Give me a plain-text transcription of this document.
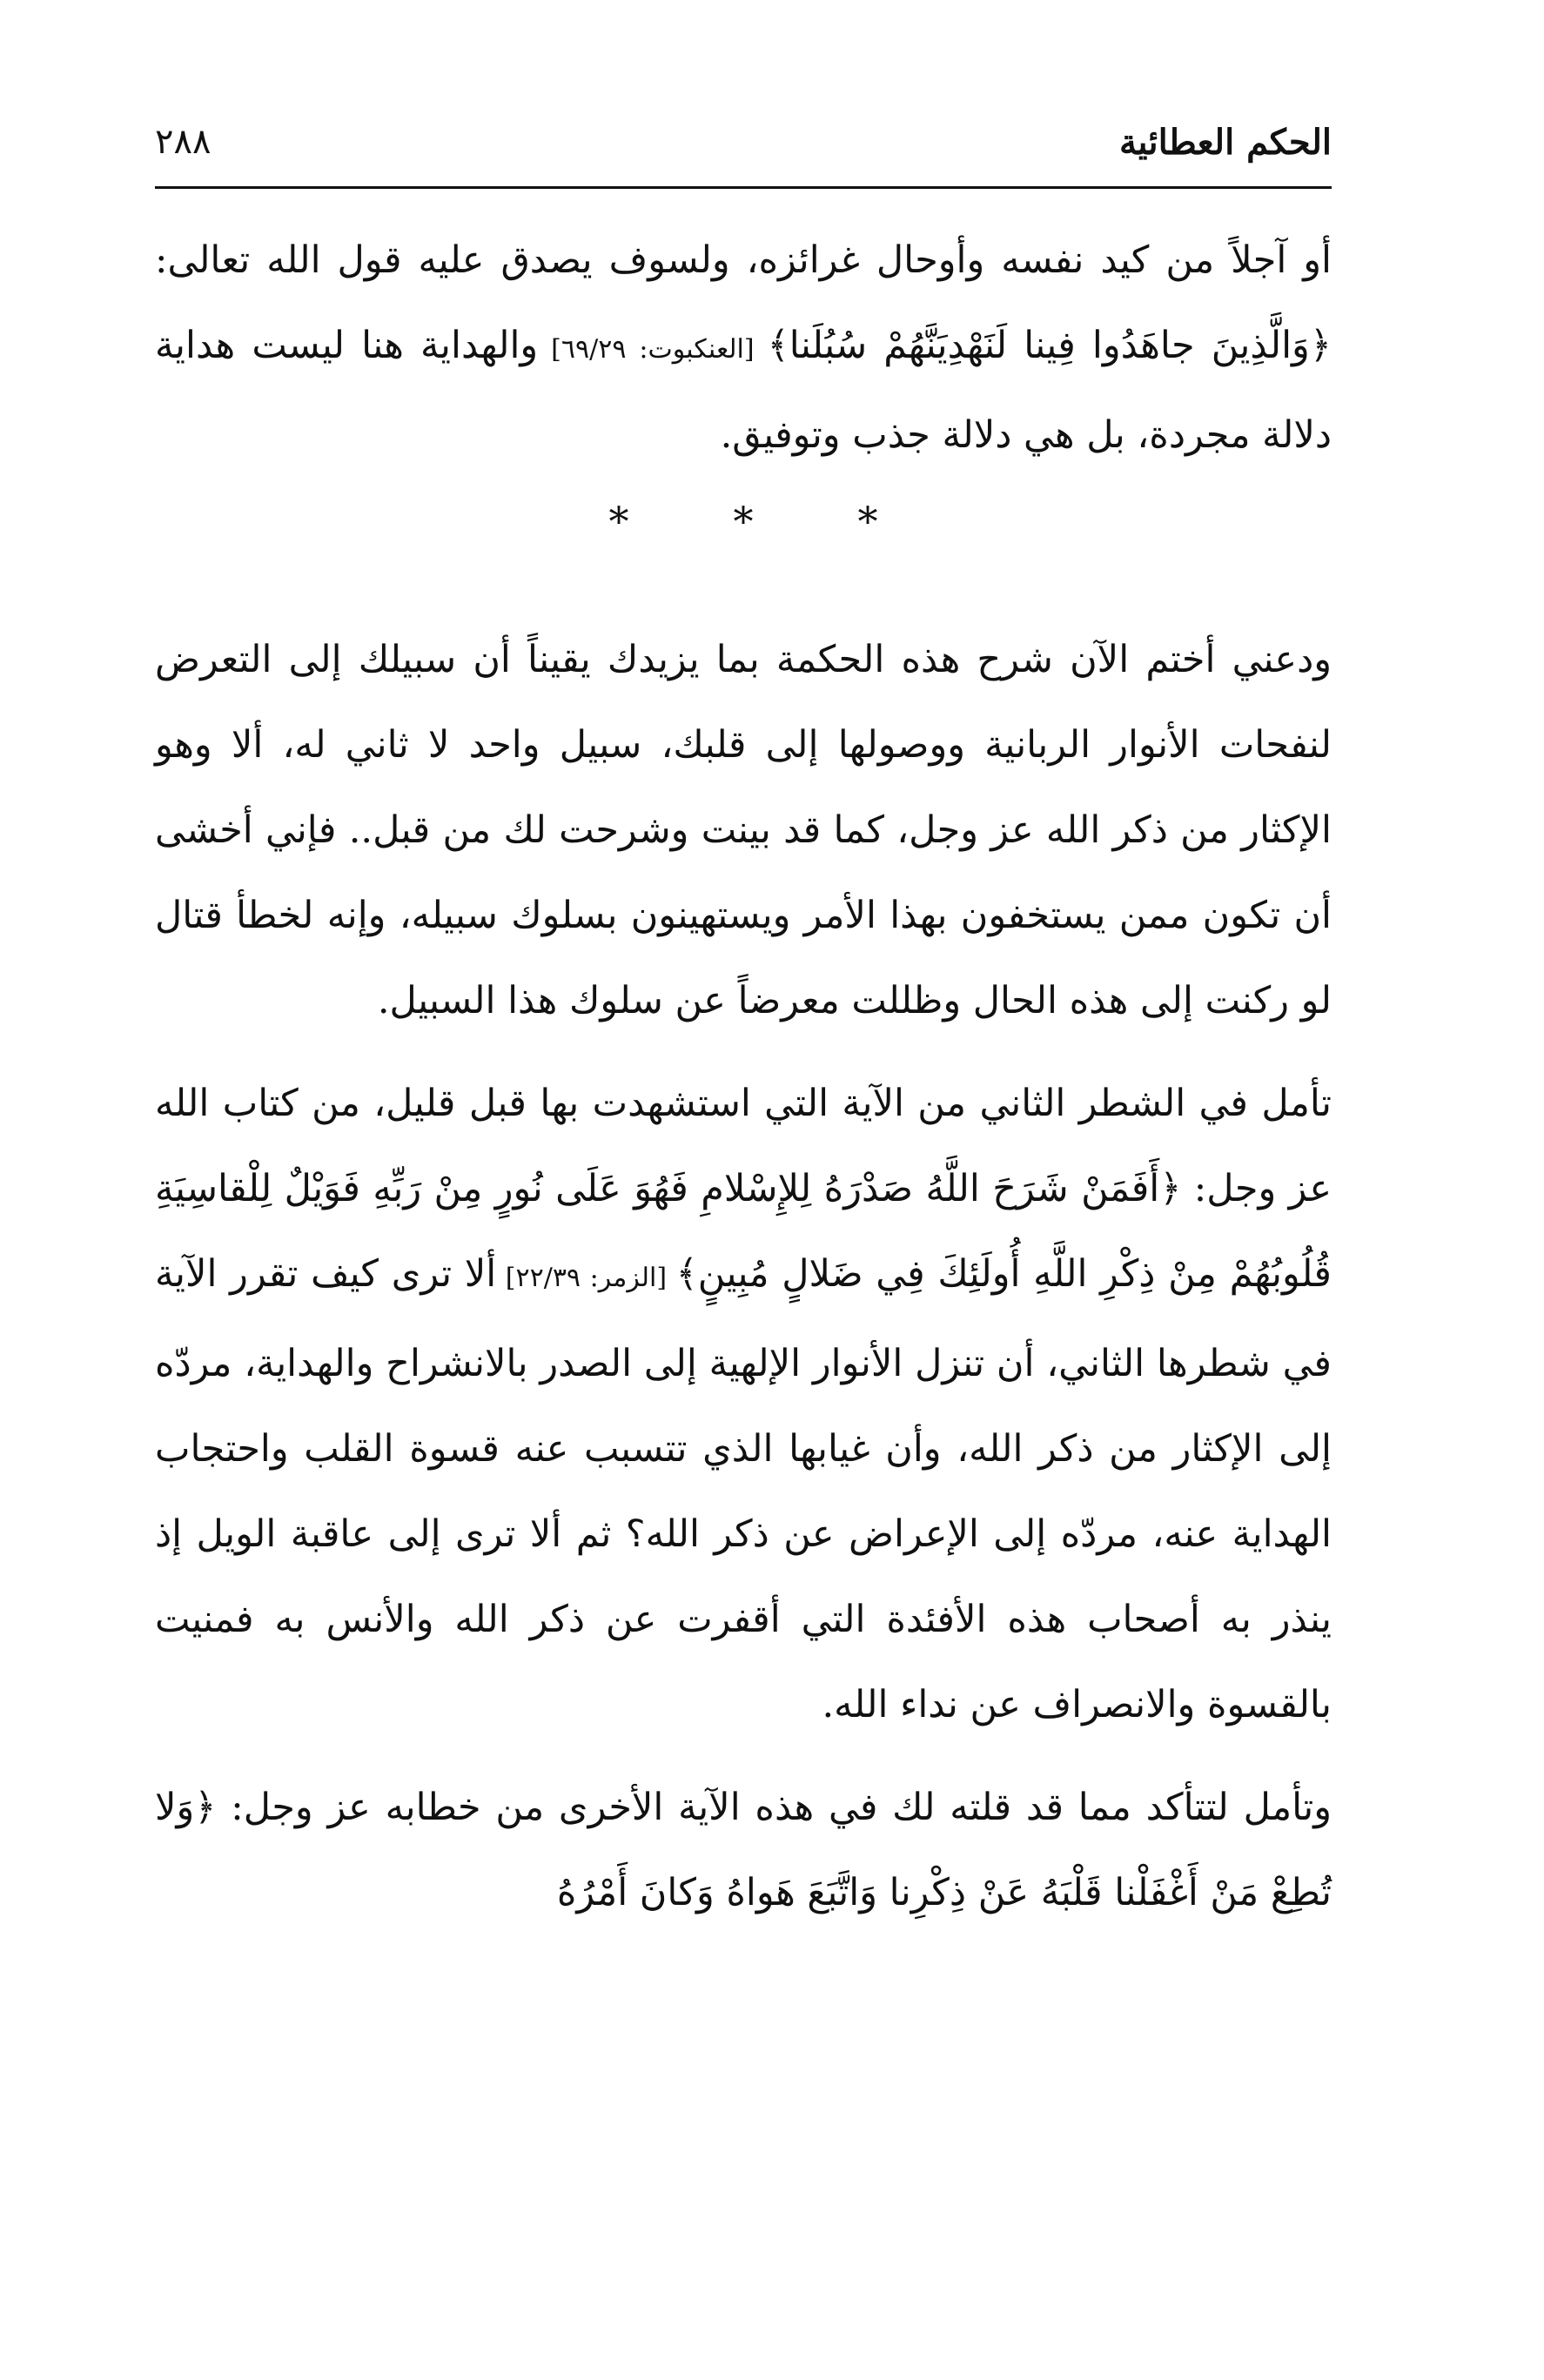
الحكم العطائية
٢٨٨

أو آجلاً من كيد نفسه وأوحال غرائزه، ولسوف يصدق عليه قول الله تعالى: ﴿وَالَّذِينَ جاهَدُوا فِينا لَنَهْدِيَنَّهُمْ سُبُلَنا﴾ [العنكبوت: ٦٩/٢٩] والهداية هنا ليست هداية دلالة مجردة، بل هي دلالة جذب وتوفيق.

*	*	*

ودعني أختم الآن شرح هذه الحكمة بما يزيدك يقيناً أن سبيلك إلى التعرض لنفحات الأنوار الربانية ووصولها إلى قلبك، سبيل واحد لا ثاني له، ألا وهو الإكثار من ذكر الله عز وجل، كما قد بينت وشرحت لك من قبل.. فإني أخشى أن تكون ممن يستخفون بهذا الأمر ويستهينون بسلوك سبيله، وإنه لخطأ قتال لو ركنت إلى هذه الحال وظللت معرضاً عن سلوك هذا السبيل.

تأمل في الشطر الثاني من الآية التي استشهدت بها قبل قليل، من كتاب الله عز وجل: ﴿أَفَمَنْ شَرَحَ اللَّهُ صَدْرَهُ لِلإِسْلامِ فَهُوَ عَلَى نُورٍ مِنْ رَبِّهِ فَوَيْلٌ لِلْقاسِيَةِ قُلُوبُهُمْ مِنْ ذِكْرِ اللَّهِ أُولَئِكَ فِي ضَلالٍ مُبِينٍ﴾ [الزمر: ٢٢/٣٩] ألا ترى كيف تقرر الآية في شطرها الثاني، أن تنزل الأنوار الإلهية إلى الصدر بالانشراح والهداية، مردّه إلى الإكثار من ذكر الله، وأن غيابها الذي تتسبب عنه قسوة القلب واحتجاب الهداية عنه، مردّه إلى الإعراض عن ذكر الله؟ ثم ألا ترى إلى عاقبة الويل إذ ينذر به أصحاب هذه الأفئدة التي أقفرت عن ذكر الله والأنس به فمنيت بالقسوة والانصراف عن نداء الله.

وتأمل لتتأكد مما قد قلته لك في هذه الآية الأخرى من خطابه عز وجل: ﴿وَلا تُطِعْ مَنْ أَغْفَلْنا قَلْبَهُ عَنْ ذِكْرِنا وَاتَّبَعَ هَواهُ وَكانَ أَمْرُهُ
